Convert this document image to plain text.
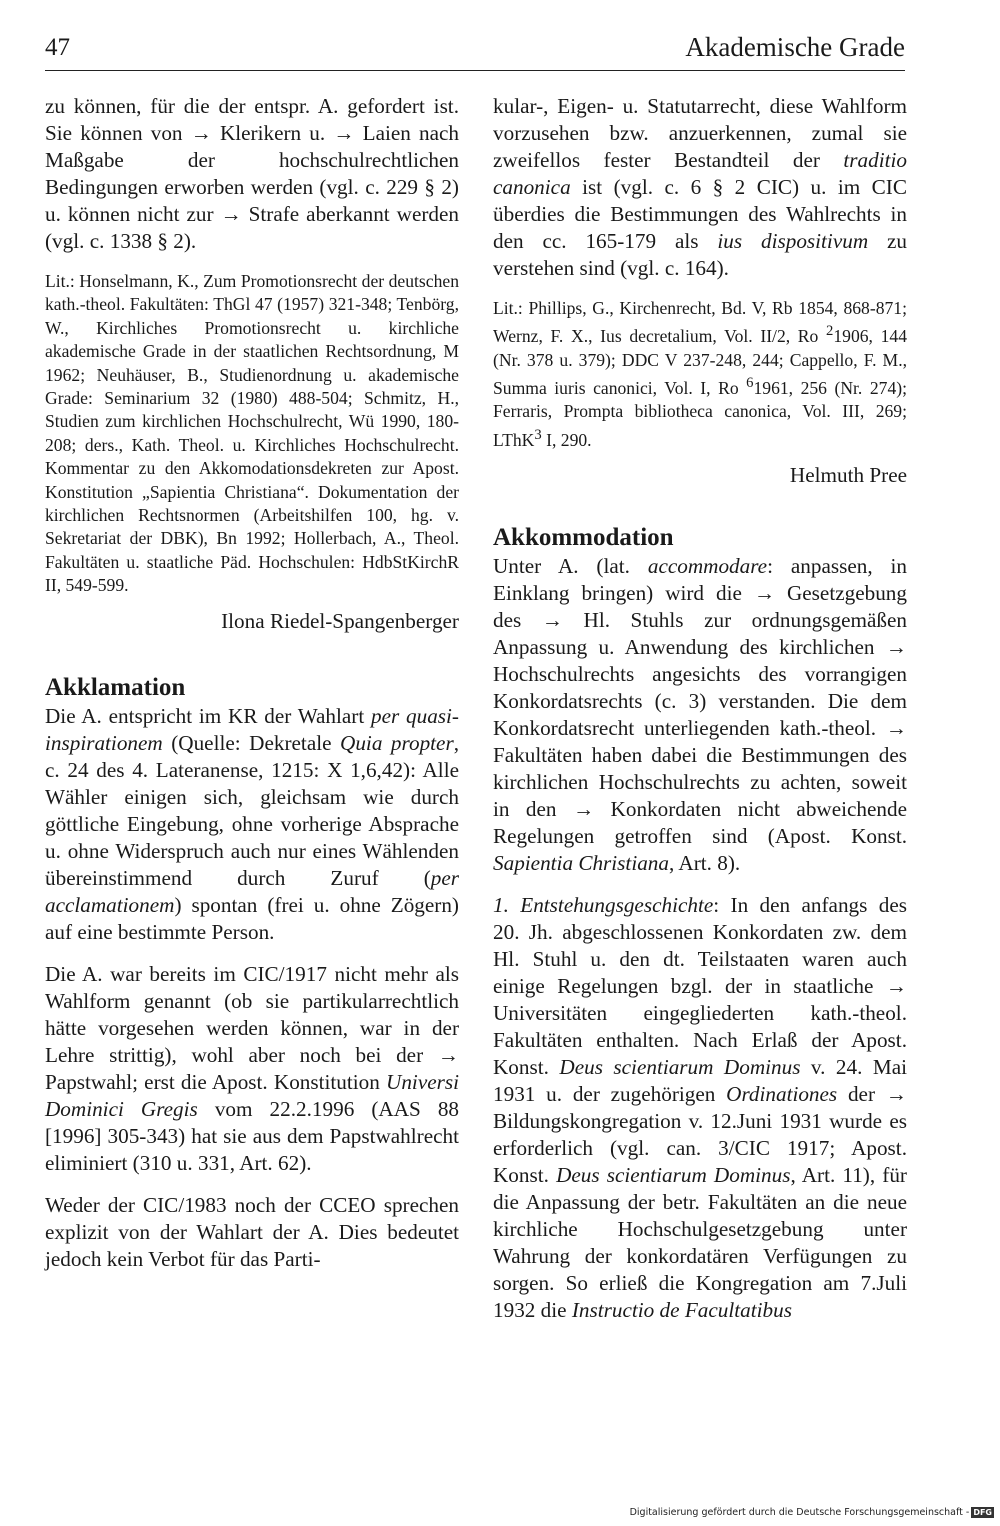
47	Akademische Grade

zu können, für die der entspr. A. gefordert ist. Sie können von → Klerikern u. → Laien nach Maßgabe der hochschulrechtlichen Bedingungen erworben werden (vgl. c. 229 § 2) u. können nicht zur → Strafe aberkannt werden (vgl. c. 1338 § 2).

Lit.: Honselmann, K., Zum Promotionsrecht der deutschen kath.-theol. Fakultäten: ThGl 47 (1957) 321-348; Tenbörg, W., Kirchliches Promotionsrecht u. kirchliche akademische Grade in der staatlichen Rechtsordnung, M 1962; Neuhäuser, B., Studienordnung u. akademische Grade: Seminarium 32 (1980) 488-504; Schmitz, H., Studien zum kirchlichen Hochschulrecht, Wü 1990, 180-208; ders., Kath. Theol. u. Kirchliches Hochschulrecht. Kommentar zu den Akkomodationsdekreten zur Apost. Konstitution „Sapientia Christiana“. Dokumentation der kirchlichen Rechtsnormen (Arbeitshilfen 100, hg. v. Sekretariat der DBK), Bn 1992; Hollerbach, A., Theol. Fakultäten u. staatliche Päd. Hochschulen: HdbStKirchR II, 549-599.

Ilona Riedel-Spangenberger

Akklamation

Die A. entspricht im KR der Wahlart per quasi-inspirationem (Quelle: Dekretale Quia propter, c. 24 des 4. Lateranense, 1215: X 1,6,42): Alle Wähler einigen sich, gleichsam wie durch göttliche Eingebung, ohne vorherige Absprache u. ohne Widerspruch auch nur eines Wählenden übereinstimmend durch Zuruf (per acclamationem) spontan (frei u. ohne Zögern) auf eine bestimmte Person.

Die A. war bereits im CIC/1917 nicht mehr als Wahlform genannt (ob sie partikularrechtlich hätte vorgesehen werden können, war in der Lehre strittig), wohl aber noch bei der → Papstwahl; erst die Apost. Konstitution Universi Dominici Gregis vom 22.2.1996 (AAS 88 [1996] 305-343) hat sie aus dem Papstwahlrecht eliminiert (310 u. 331, Art. 62).

Weder der CIC/1983 noch der CCEO sprechen explizit von der Wahlart der A. Dies bedeutet jedoch kein Verbot für das Parti-

kular-, Eigen- u. Statutarrecht, diese Wahlform vorzusehen bzw. anzuerkennen, zumal sie zweifellos fester Bestandteil der traditio canonica ist (vgl. c. 6 § 2 CIC) u. im CIC überdies die Bestimmungen des Wahlrechts in den cc. 165-179 als ius dispositivum zu verstehen sind (vgl. c. 164).

Lit.: Phillips, G., Kirchenrecht, Bd. V, Rb 1854, 868-871; Wernz, F. X., Ius decretalium, Vol. II/2, Ro $^2$1906, 144 (Nr. 378 u. 379); DDC V 237-248, 244; Cappello, F. M., Summa iuris canonici, Vol. I, Ro $^6$1961, 256 (Nr. 274); Ferraris, Prompta bibliotheca canonica, Vol. III, 269; LThK$^3$ I, 290.

Helmuth Pree

Akkommodation

Unter A. (lat. accommodare: anpassen, in Einklang bringen) wird die → Gesetzgebung des → Hl. Stuhls zur ordnungsgemäßen Anpassung u. Anwendung des kirchlichen → Hochschulrechts angesichts des vorrangigen Konkordatsrechts (c. 3) verstanden. Die dem Konkordatsrecht unterliegenden kath.-theol. → Fakultäten haben dabei die Bestimmungen des kirchlichen Hochschulrechts zu achten, soweit in den → Konkordaten nicht abweichende Regelungen getroffen sind (Apost. Konst. Sapientia Christiana, Art. 8).

1. Entstehungsgeschichte: In den anfangs des 20. Jh. abgeschlossenen Konkordaten zw. dem Hl. Stuhl u. den dt. Teilstaaten waren auch einige Regelungen bzgl. der in staatliche → Universitäten eingegliederten kath.-theol. Fakultäten enthalten. Nach Erlaß der Apost. Konst. Deus scientiarum Dominus v. 24. Mai 1931 u. der zugehörigen Ordinationes der → Bildungskongregation v. 12.Juni 1931 wurde es erforderlich (vgl. can. 3/CIC 1917; Apost. Konst. Deus scientiarum Dominus, Art. 11), für die Anpassung der betr. Fakultäten an die neue kirchliche Hochschulgesetzgebung unter Wahrung der konkordatären Verfügungen zu sorgen. So erließ die Kongregation am 7.Juli 1932 die Instructio de Facultatibus

Digitalisierung gefördert durch die Deutsche Forschungsgemeinschaft - DFG
